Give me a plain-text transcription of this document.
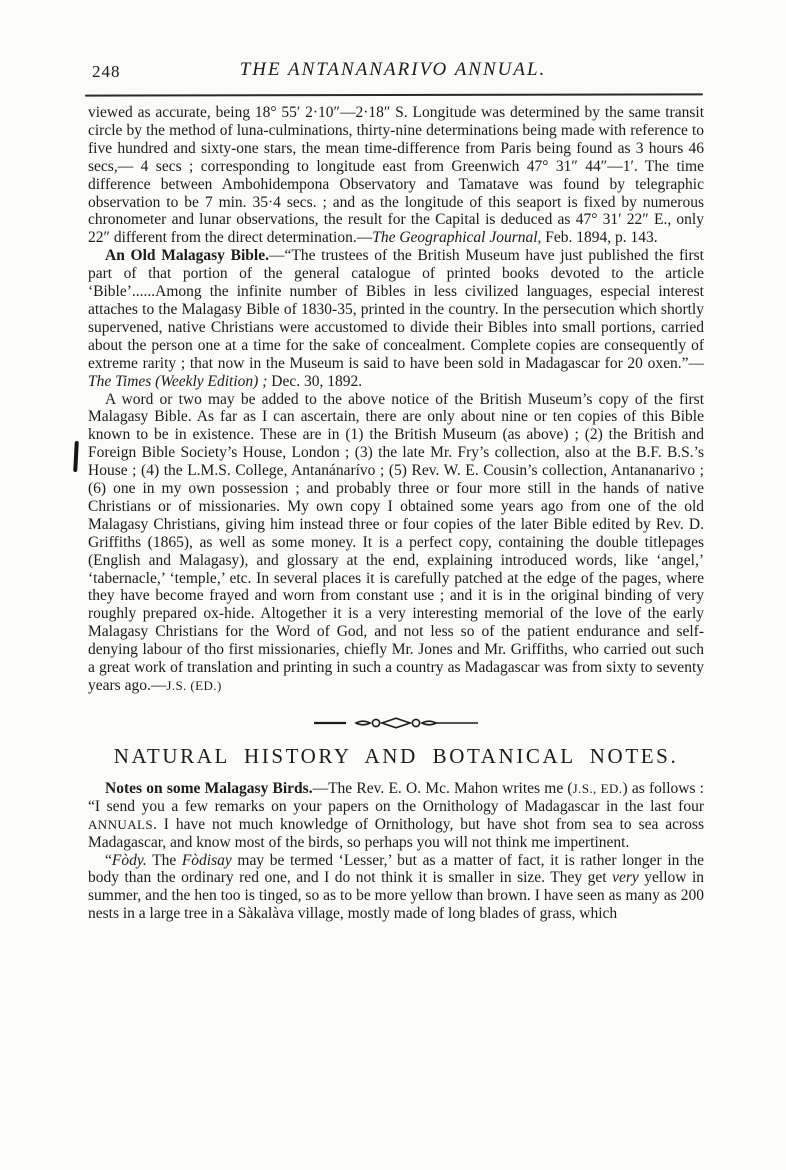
248	THE ANTANANARIVO ANNUAL.

viewed as accurate, being 18° 55′ 2·10″—2·18″ S. Longitude was determined by the same transit circle by the method of luna-culminations, thirty-nine determinations being made with reference to five hundred and sixty-one stars, the mean time-difference from Paris being found as 3 hours 46 secs,— 4 secs ; corresponding to longitude east from Greenwich 47° 31″ 44″—1′. The time difference between Ambohidempona Observatory and Tamatave was found by telegraphic observation to be 7 min. 35·4 secs. ; and as the longitude of this seaport is fixed by numerous chronometer and lunar observations, the result for the Capital is deduced as 47° 31′ 22″ E., only 22″ different from the direct determination.—The Geographical Journal, Feb. 1894, p. 143.

An Old Malagasy Bible.—“The trustees of the British Museum have just published the first part of that portion of the general catalogue of printed books devoted to the article ‘Bible’......Among the infinite number of Bibles in less civilized languages, especial interest attaches to the Malagasy Bible of 1830-35, printed in the country. In the persecution which shortly supervened, native Christians were accustomed to divide their Bibles into small portions, carried about the person one at a time for the sake of concealment. Complete copies are consequently of extreme rarity ; that now in the Museum is said to have been sold in Madagascar for 20 oxen.”—The Times (Weekly Edition) ; Dec. 30, 1892.

A word or two may be added to the above notice of the British Museum’s copy of the first Malagasy Bible. As far as I can ascertain, there are only about nine or ten copies of this Bible known to be in existence. These are in (1) the British Museum (as above) ; (2) the British and Foreign Bible Society’s House, London ; (3) the late Mr. Fry’s collection, also at the B.F. B.S.’s House ; (4) the L.M.S. College, Antanánarívo ; (5) Rev. W. E. Cousin’s collection, Antananarivo ; (6) one in my own possession ; and probably three or four more still in the hands of native Christians or of missionaries. My own copy I obtained some years ago from one of the old Malagasy Christians, giving him instead three or four copies of the later Bible edited by Rev. D. Griffiths (1865), as well as some money. It is a perfect copy, containing the double titlepages (English and Malagasy), and glossary at the end, explaining introduced words, like ‘angel,’ ‘tabernacle,’ ‘temple,’ etc. In several places it is carefully patched at the edge of the pages, where they have become frayed and worn from constant use ; and it is in the original binding of very roughly prepared ox-hide. Altogether it is a very interesting memorial of the love of the early Malagasy Christians for the Word of God, and not less so of the patient endurance and self-denying labour of tho first missionaries, chiefly Mr. Jones and Mr. Griffiths, who carried out such a great work of translation and printing in such a country as Madagascar was from sixty to seventy years ago.—J.S. (ED.)

NATURAL HISTORY AND BOTANICAL NOTES.

Notes on some Malagasy Birds.—The Rev. E. O. Mc. Mahon writes me (J.S., ED.) as follows : “I send you a few remarks on your papers on the Ornithology of Madagascar in the last four ANNUALS. I have not much knowledge of Ornithology, but have shot from sea to sea across Madagascar, and know most of the birds, so perhaps you will not think me impertinent.

“Fòdy. The Fòdisay may be termed ‘Lesser,’ but as a matter of fact, it is rather longer in the body than the ordinary red one, and I do not think it is smaller in size. They get very yellow in summer, and the hen too is tinged, so as to be more yellow than brown. I have seen as many as 200 nests in a large tree in a Sàkalàva village, mostly made of long blades of grass, which
